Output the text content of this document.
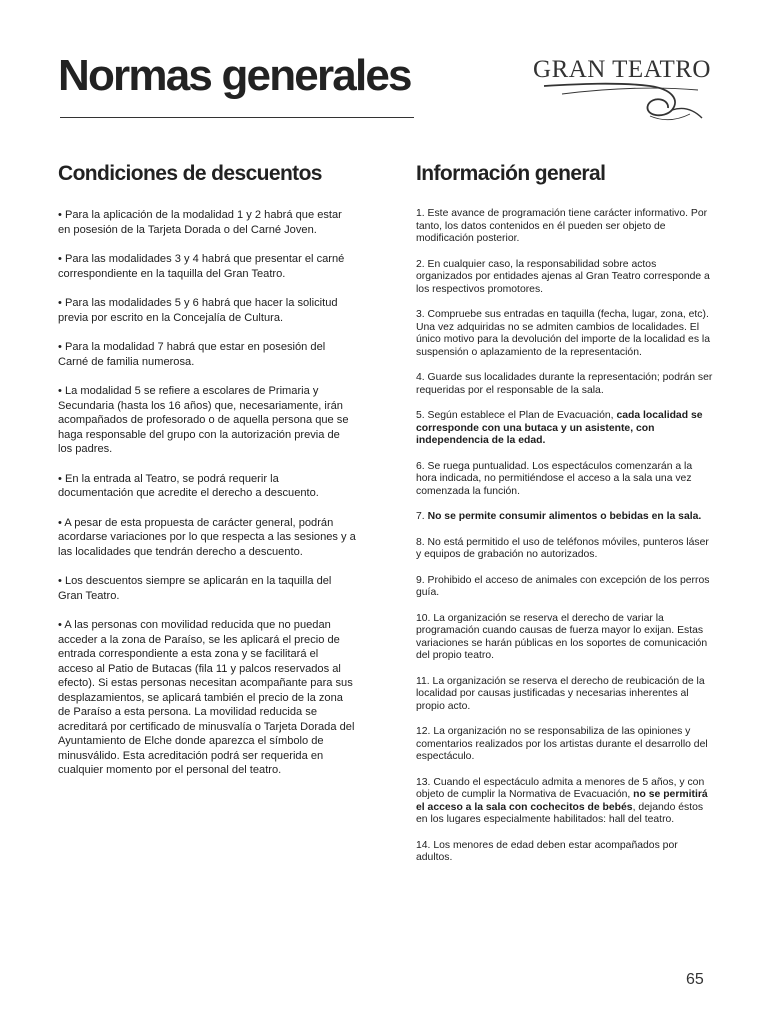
Normas generales	GRAN TEATRO
Condiciones de descuentos	Información general

• Para la aplicación de la modalidad 1 y 2 habrá que estar en posesión de la Tarjeta Dorada o del Carné Joven.

• Para las modalidades 3 y 4 habrá que presentar el carné correspondiente en la taquilla del Gran Teatro.

• Para las modalidades 5 y 6 habrá que hacer la solicitud previa por escrito en la Concejalía de Cultura.

• Para la modalidad 7 habrá que estar en posesión del Carné de familia numerosa.

• La modalidad 5 se refiere a escolares de Primaria y Secundaria (hasta los 16 años) que, necesariamente, irán acompañados de profesorado o de aquella persona que se haga responsable del grupo con la autorización previa de los padres.

• En la entrada al Teatro, se podrá requerir la documentación que acredite el derecho a descuento.

• A pesar de esta propuesta de carácter general, podrán acordarse variaciones por lo que respecta a las sesiones y a las localidades que tendrán derecho a descuento.

• Los descuentos siempre se aplicarán en la taquilla del Gran Teatro.

• A las personas con movilidad reducida que no puedan acceder a la zona de Paraíso, se les aplicará el precio de entrada correspondiente a esta zona y se facilitará el acceso al Patio de Butacas (fila 11 y palcos reservados al efecto). Si estas personas necesitan acompañante para sus desplazamientos, se aplicará también el precio de la zona de Paraíso a esta persona. La movilidad reducida se acreditará por certificado de minusvalía o Tarjeta Dorada del Ayuntamiento de Elche donde aparezca el símbolo de minusválido. Esta acreditación podrá ser requerida en cualquier momento por el personal del teatro.

1. Este avance de programación tiene carácter informativo. Por tanto, los datos contenidos en él pueden ser objeto de modificación posterior.

2. En cualquier caso, la responsabilidad sobre actos organizados por entidades ajenas al Gran Teatro corresponde a los respectivos promotores.

3. Compruebe sus entradas en taquilla (fecha, lugar, zona, etc). Una vez adquiridas no se admiten cambios de localidades. El único motivo para la devolución del importe de la localidad es la suspensión o aplazamiento de la representación.

4. Guarde sus localidades durante la representación; podrán ser requeridas por el responsable de la sala.

5. Según establece el Plan de Evacuación, cada localidad se corresponde con una butaca y un asistente, con independencia de la edad.

6. Se ruega puntualidad. Los espectáculos comenzarán a la hora indicada, no permitiéndose el acceso a la sala una vez comenzada la función.

7. No se permite consumir alimentos o bebidas en la sala.

8. No está permitido el uso de teléfonos móviles, punteros láser y equipos de grabación no autorizados.

9. Prohibido el acceso de animales con excepción de los perros guía.

10. La organización se reserva el derecho de variar la programación cuando causas de fuerza mayor lo exijan. Estas variaciones se harán públicas en los soportes de comunicación del propio teatro.

11. La organización se reserva el derecho de reubicación de la localidad por causas justificadas y necesarias inherentes al propio acto.

12. La organización no se responsabiliza de las opiniones y comentarios realizados por los artistas durante el desarrollo del espectáculo.

13. Cuando el espectáculo admita a menores de 5 años, y con objeto de cumplir la Normativa de Evacuación, no se permitirá el acceso a la sala con cochecitos de bebés, dejando éstos en los lugares especialmente habilitados: hall del teatro.

14. Los menores de edad deben estar acompañados por adultos.

65
